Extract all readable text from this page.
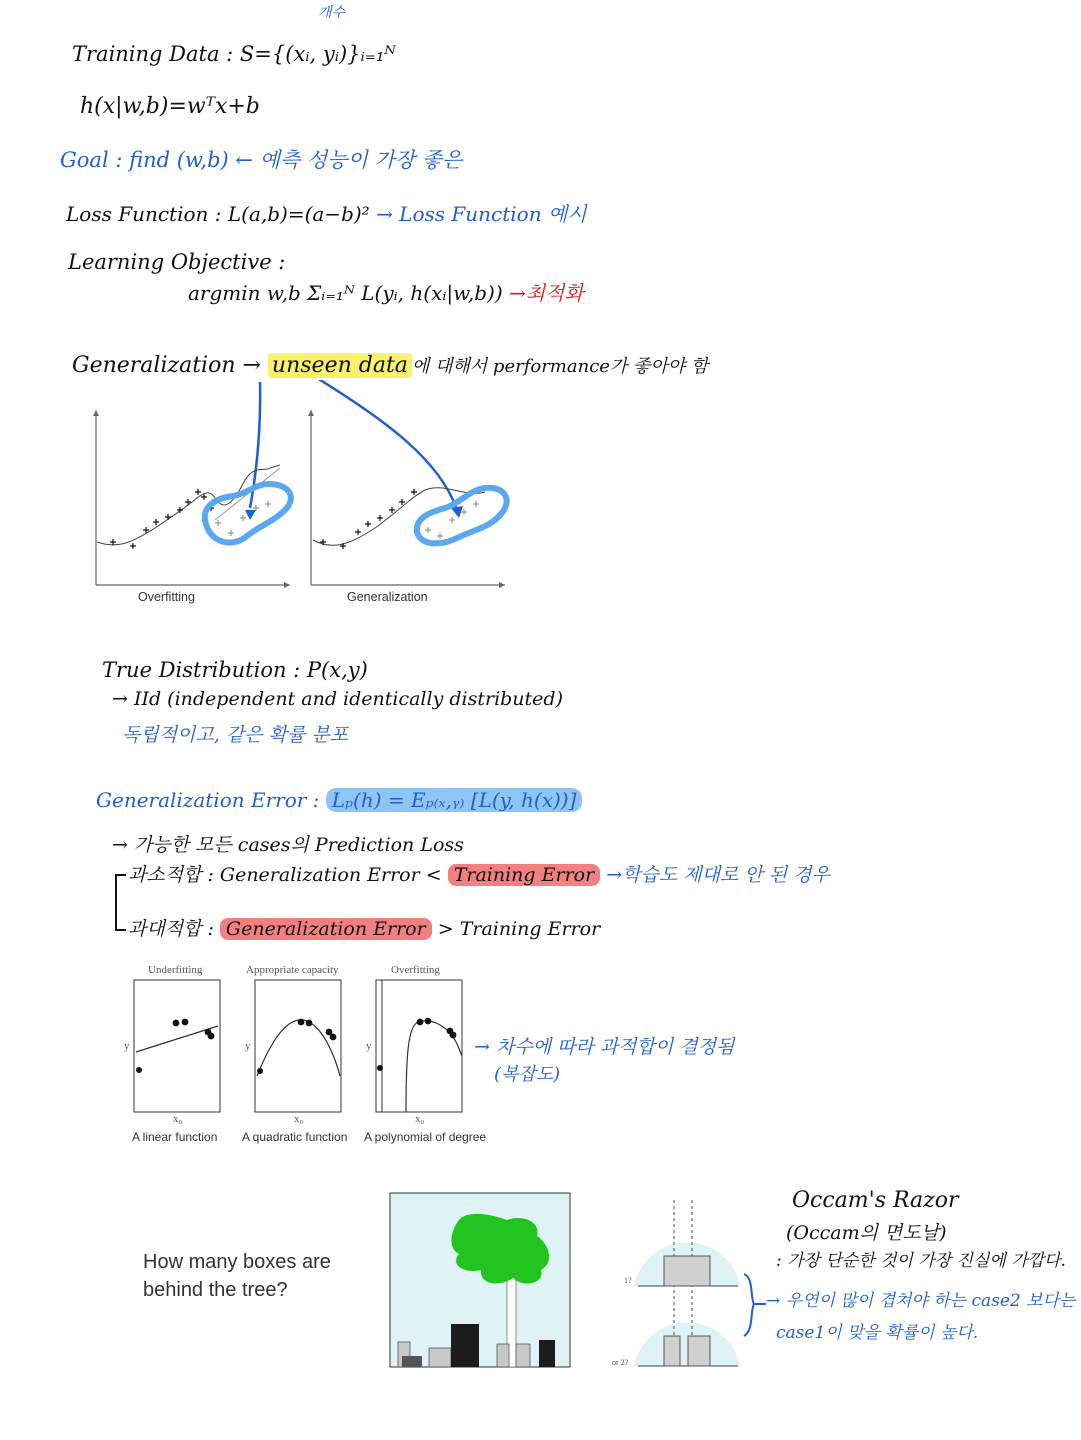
Training Data : S={(xᵢ, yᵢ)}ᵢ₌₁ᴺ
개수
h(x|w,b)=wᵀx+b
Goal : find (w,b) ← 예측 성능이 가장 좋은
Loss Function : L(a,b)=(a−b)² → Loss Function 예시
Learning Objective :
argmin w,b Σᵢ₌₁ᴺ L(yᵢ, h(xᵢ|w,b)) →최적화
Generalization → unseen data 에 대해서 performance가 좋아야 함
Overfitting	Generalization
True Distribution : P(x,y)
→ IId (independent and identically distributed)
독립적이고, 같은 확률 분포
Generalization Error : Lₚ(h) = Eₚ₍ₓ,ᵧ₎ [L(y, h(x))]
→ 가능한 모든 cases의 Prediction Loss
과소적합 : Generalization Error < Training Error →학습도 제대로 안 된 경우
과대적합 : Generalization Error > Training Error
Underfitting	Appropriate capacity	Overfitting
y	y	y
x₀	x₀	x₀
A linear function A quadratic function A polynomial of degree
→ 차수에 따라 과적합이 결정됨
(복잡도)
How many boxes are behind the tree?	1?
or 2?
Occam's Razor
(Occam의 면도날)
: 가장 단순한 것이 가장 진실에 가깝다.
→ 우연이 많이 겹쳐야 하는 case2 보다는
case1이 맞을 확률이 높다.
